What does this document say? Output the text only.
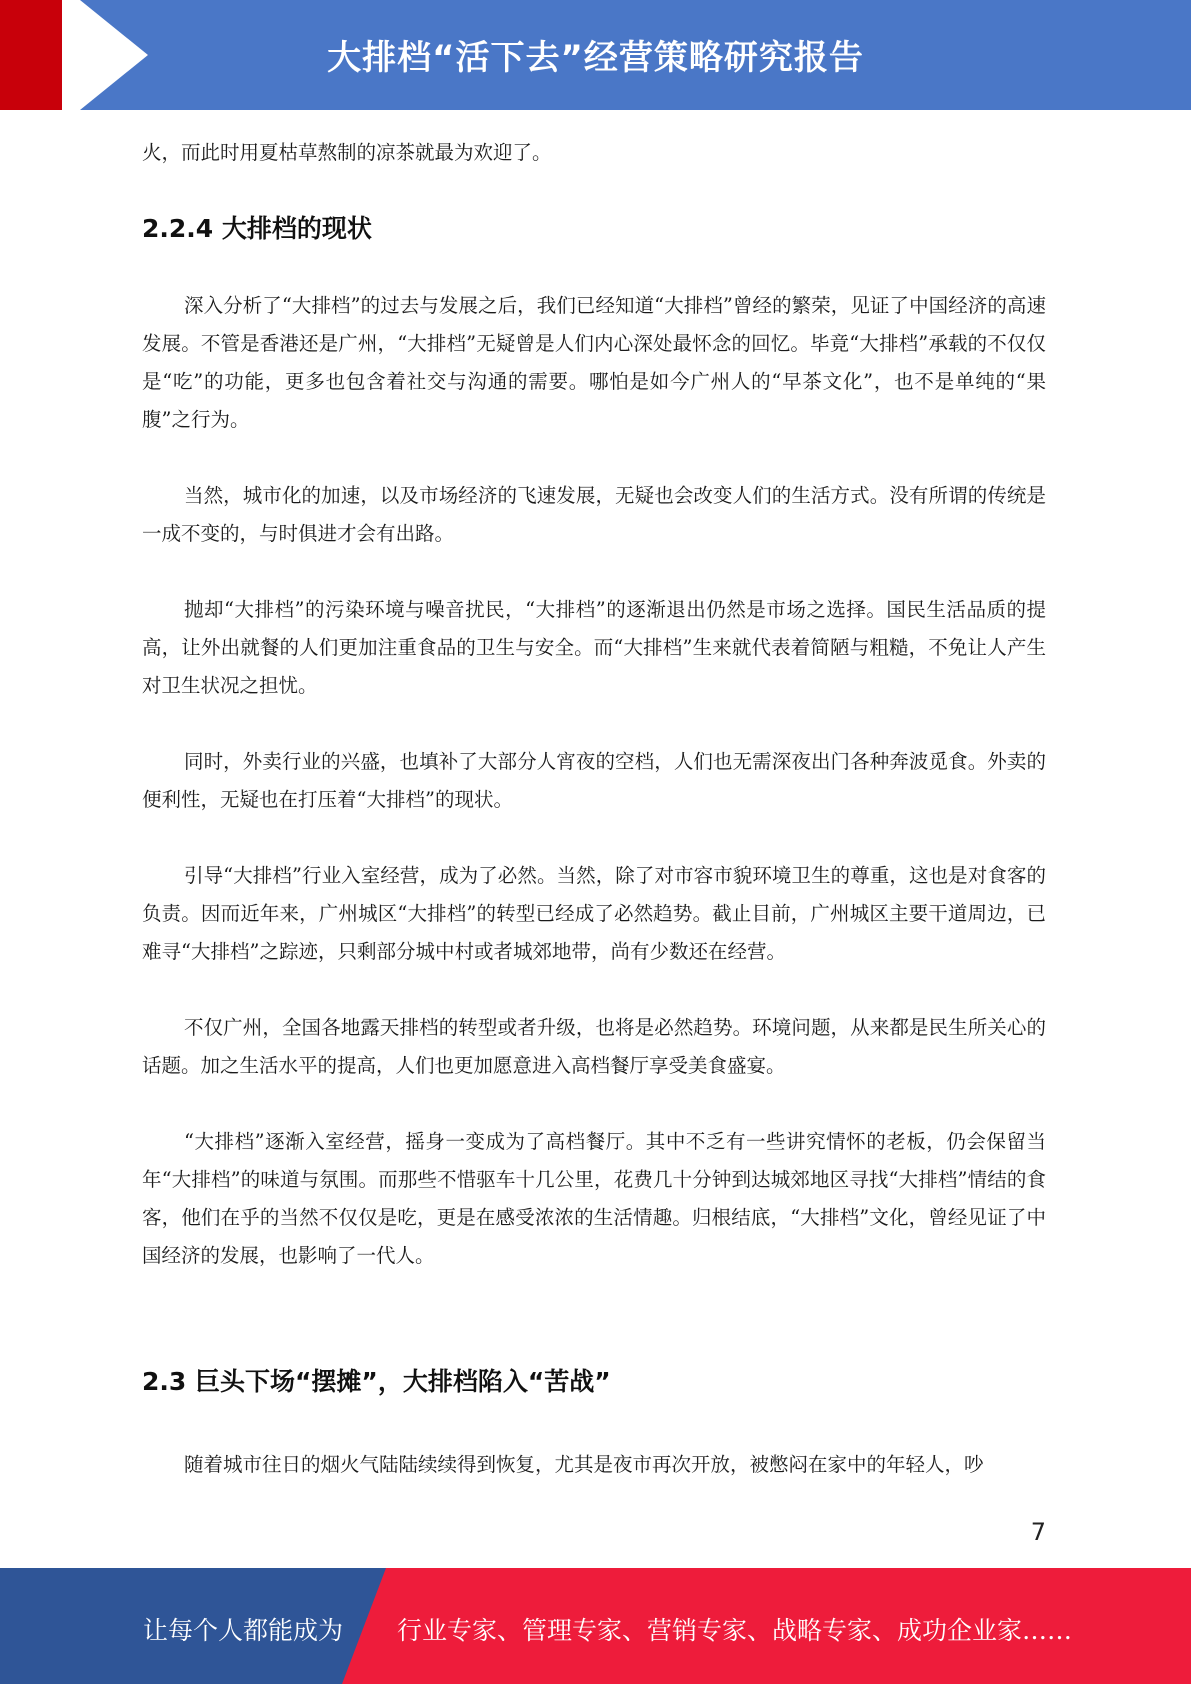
大排档“活下去”经营策略研究报告

火，而此时用夏枯草熬制的凉茶就最为欢迎了。

2.2.4 大排档的现状

深入分析了“大排档”的过去与发展之后，我们已经知道“大排档”曾经的繁荣，见证了中国经济的高速发展。不管是香港还是广州，“大排档”无疑曾是人们内心深处最怀念的回忆。毕竟“大排档”承载的不仅仅是“吃”的功能，更多也包含着社交与沟通的需要。哪怕是如今广州人的“早茶文化”，也不是单纯的“果腹”之行为。

当然，城市化的加速，以及市场经济的飞速发展，无疑也会改变人们的生活方式。没有所谓的传统是一成不变的，与时俱进才会有出路。

抛却“大排档”的污染环境与噪音扰民，“大排档”的逐渐退出仍然是市场之选择。国民生活品质的提高，让外出就餐的人们更加注重食品的卫生与安全。而“大排档”生来就代表着简陋与粗糙，不免让人产生对卫生状况之担忧。

同时，外卖行业的兴盛，也填补了大部分人宵夜的空档，人们也无需深夜出门各种奔波觅食。外卖的便利性，无疑也在打压着“大排档”的现状。

引导“大排档”行业入室经营，成为了必然。当然，除了对市容市貌环境卫生的尊重，这也是对食客的负责。因而近年来，广州城区“大排档”的转型已经成了必然趋势。截止目前，广州城区主要干道周边，已难寻“大排档”之踪迹，只剩部分城中村或者城郊地带，尚有少数还在经营。

不仅广州，全国各地露天排档的转型或者升级，也将是必然趋势。环境问题，从来都是民生所关心的话题。加之生活水平的提高，人们也更加愿意进入高档餐厅享受美食盛宴。

“大排档”逐渐入室经营，摇身一变成为了高档餐厅。其中不乏有一些讲究情怀的老板，仍会保留当年“大排档”的味道与氛围。而那些不惜驱车十几公里，花费几十分钟到达城郊地区寻找“大排档”情结的食客，他们在乎的当然不仅仅是吃，更是在感受浓浓的生活情趣。归根结底，“大排档”文化，曾经见证了中国经济的发展，也影响了一代人。

2.3 巨头下场“摆摊”，大排档陷入“苦战”

随着城市往日的烟火气陆陆续续得到恢复，尤其是夜市再次开放，被憋闷在家中的年轻人，吵

7
让每个人都能成为 行业专家、管理专家、营销专家、战略专家、成功企业家……
